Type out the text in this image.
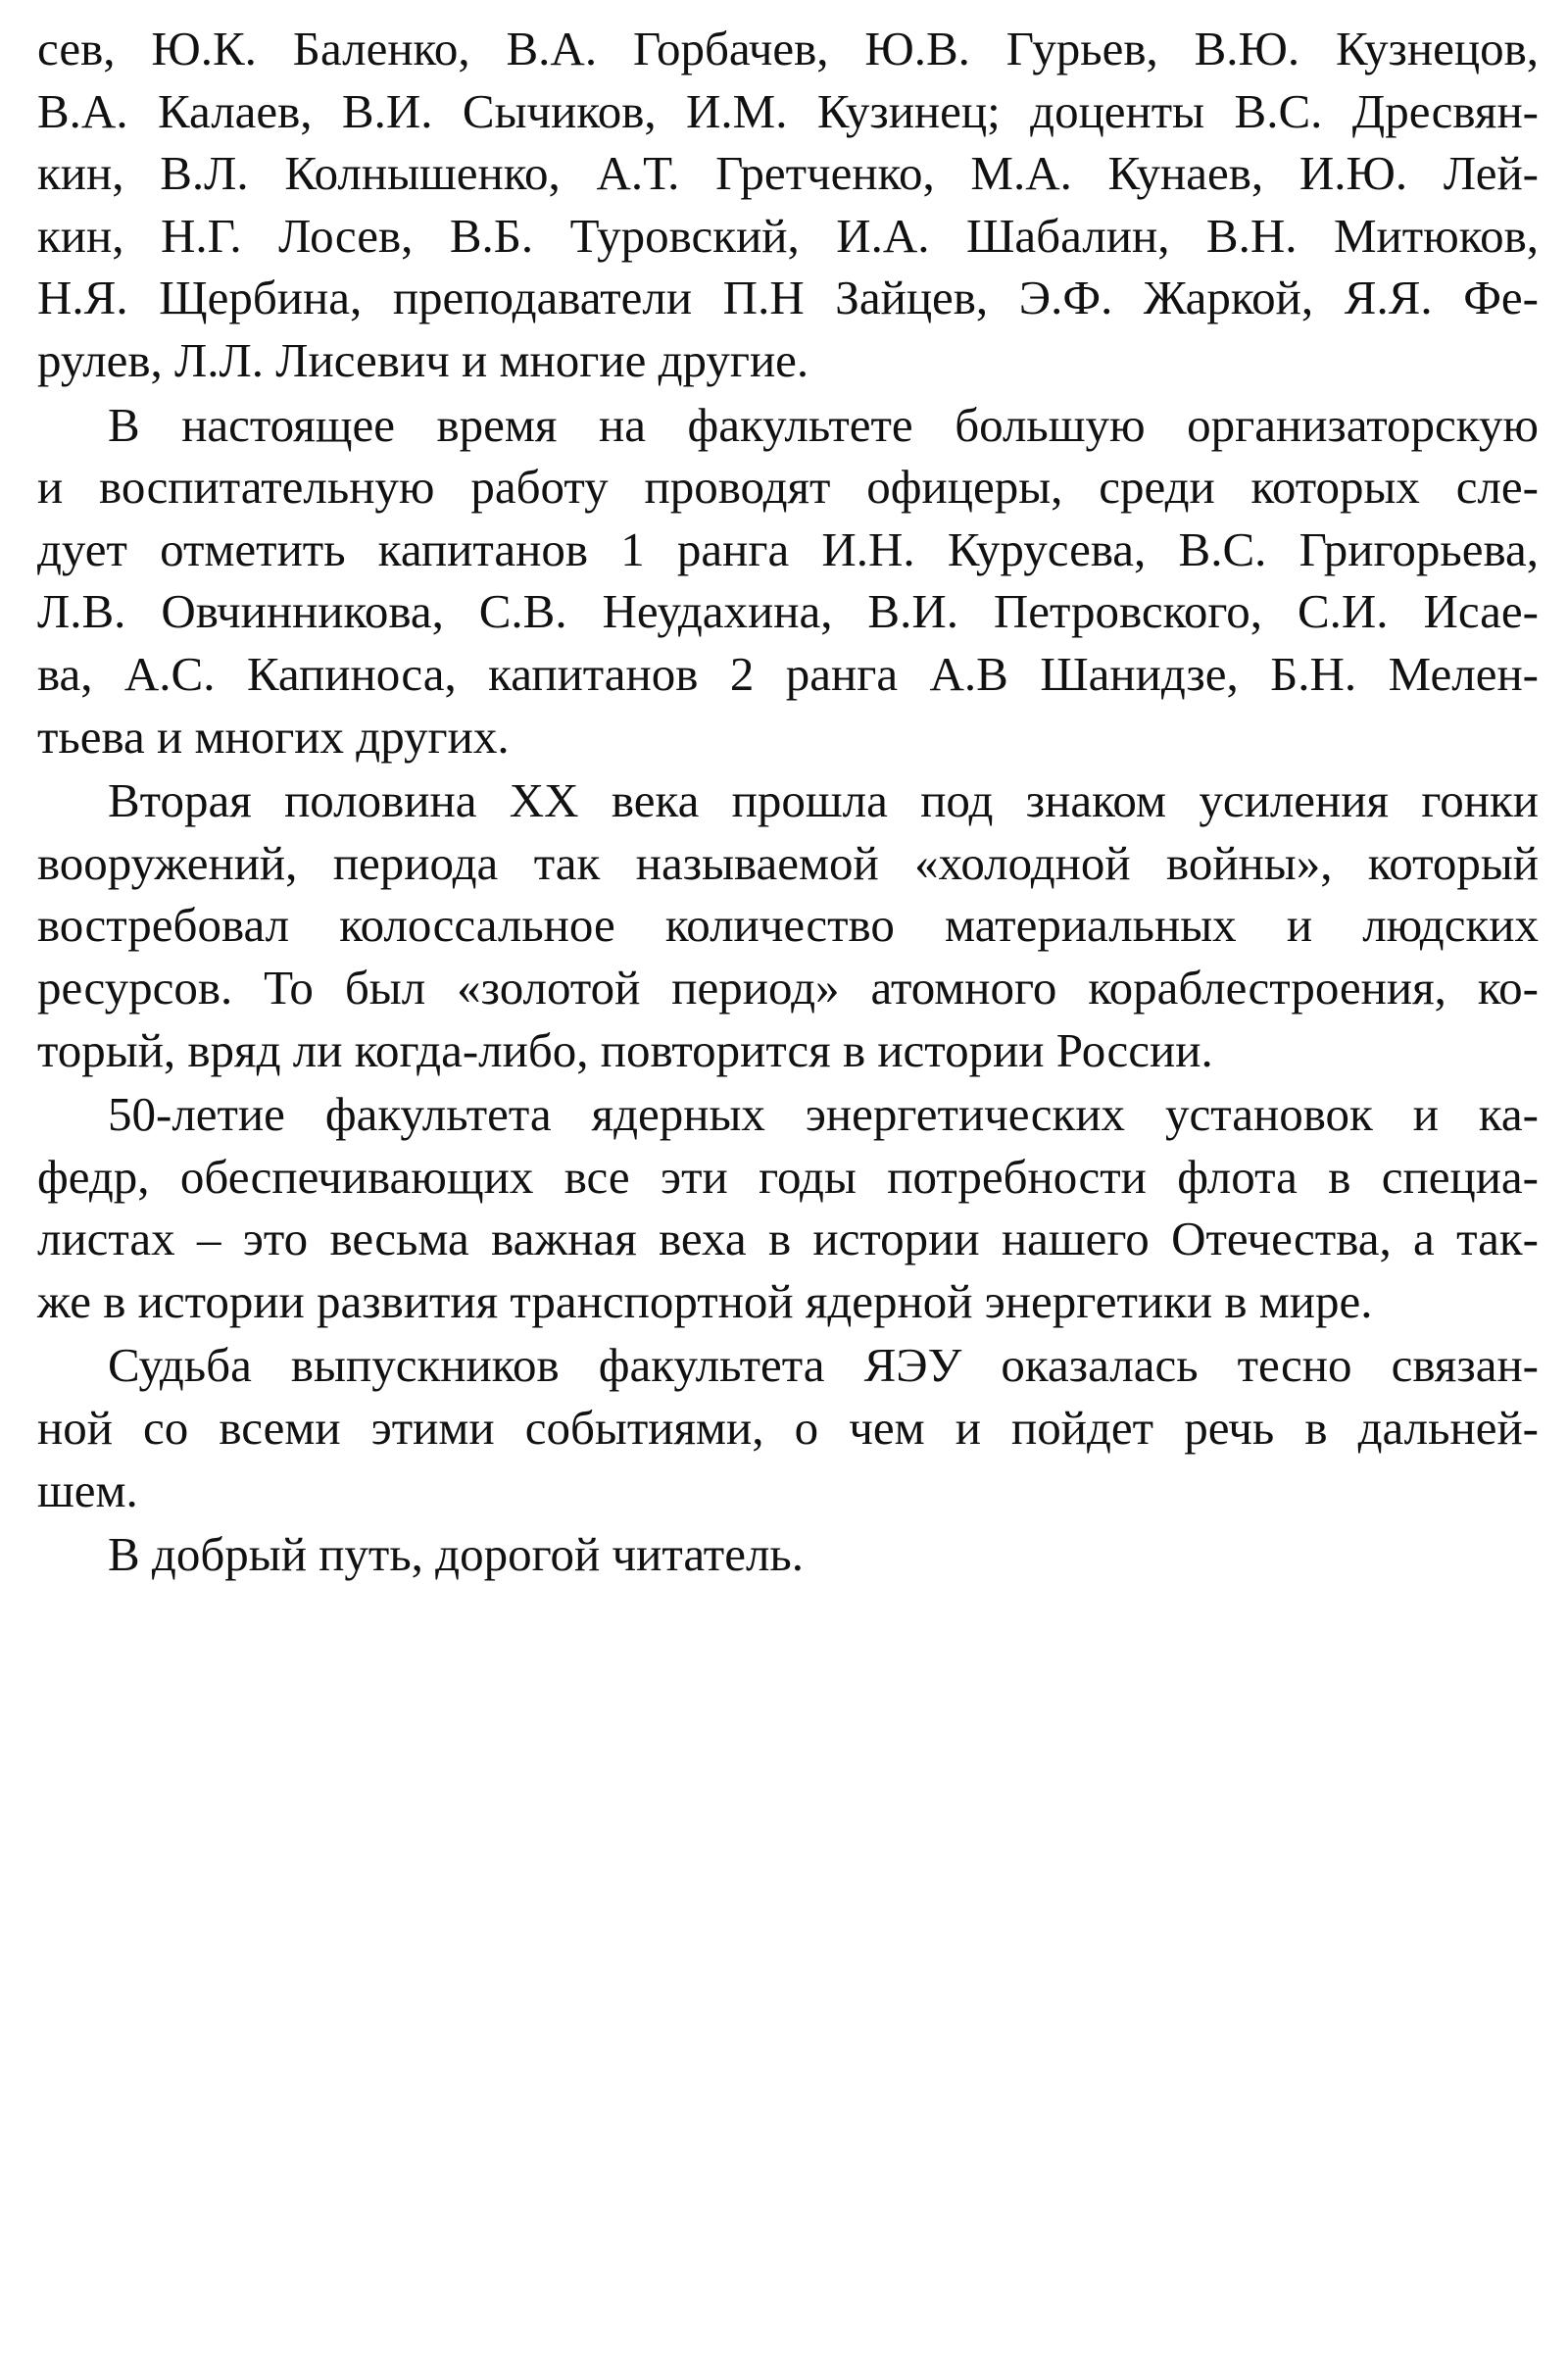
сев, Ю.К. Баленко, В.А. Горбачев, Ю.В. Гурьев, В.Ю. Кузнецов,
В.А. Калаев, В.И. Сычиков, И.М. Кузинец; доценты В.С. Дресвян-
кин, В.Л. Колнышенко, А.Т. Гретченко, М.А. Кунаев, И.Ю. Лей-
кин, Н.Г. Лосев, В.Б. Туровский, И.А. Шабалин, В.Н. Митюков,
Н.Я. Щербина, преподаватели П.Н Зайцев, Э.Ф. Жаркой, Я.Я. Фе-
рулев, Л.Л. Лисевич и многие другие.
В настоящее время на факультете большую организаторскую
и воспитательную работу проводят офицеры, среди которых сле-
дует отметить капитанов 1 ранга И.Н. Курусева, В.С. Григорьева,
Л.В. Овчинникова, С.В. Неудахина, В.И. Петровского, С.И. Исае-
ва, А.С. Капиноса, капитанов 2 ранга А.В Шанидзе, Б.Н. Мелен-
тьева и многих других.
Вторая половина XX века прошла под знаком усиления гонки
вооружений, периода так называемой «холодной войны», который
востребовал колоссальное количество материальных и людских
ресурсов. То был «золотой период» атомного кораблестроения, ко-
торый, вряд ли когда-либо, повторится в истории России.
50-летие факультета ядерных энергетических установок и ка-
федр, обеспечивающих все эти годы потребности флота в специа-
листах – это весьма важная веха в истории нашего Отечества, а так-
же в истории развития транспортной ядерной энергетики в мире.
Судьба выпускников факультета ЯЭУ оказалась тесно связан-
ной со всеми этими событиями, о чем и пойдет речь в дальней-
шем.
В добрый путь, дорогой читатель.
